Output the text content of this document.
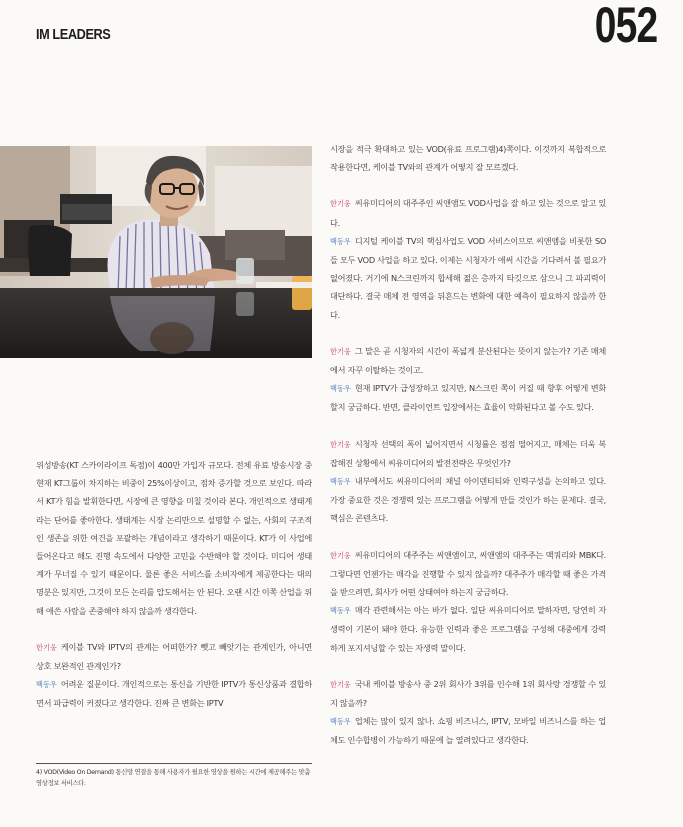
IM LEADERS	052

위성방송(KT 스카이라이프 독점)이 400만 가입자 규모다. 전체 유료 방송시장 중 현재 KT그룹이 차지하는 비중이 25%이상이고, 점차 증가할 것으로 보인다. 따라서 KT가 힘을 발휘한다면, 시장에 큰 영향을 미칠 것이라 본다. 개인적으로 생태계라는 단어를 좋아한다. 생태계는 시장 논리만으로 설명할 수 없는, 사회의 구조적인 생존을 위한 여건을 포괄하는 개념이라고 생각하기 때문이다. KT가 이 사업에 들어온다고 해도 진행 속도에서 다양한 고민을 수반해야 할 것이다. 미디어 생태계가 무너질 수 있기 때문이다. 물론 좋은 서비스를 소비자에게 제공한다는 대의명분은 있지만, 그것이 모든 논리를 압도해서는 안 된다. 오랜 시간 이쪽 산업을 위해 애쓴 사람을 존중해야 하지 않을까 생각한다.

한기웅 케이블 TV와 IPTV의 관계는 어떠한가? 뺏고 빼앗기는 관계인가, 아니면 상호 보완적인 관계인가?

백동우 어려운 질문이다. 개인적으로는 통신을 기반한 IPTV가 통신상품과 결합하면서 파급력이 커졌다고 생각한다. 진짜 큰 변화는 IPTV

시장을 적극 확대하고 있는 VOD(유료 프로그램)4)쪽이다. 이것까지 복합적으로 작용한다면, 케이블 TV와의 관계가 어떻지 잘 모르겠다.

한기웅 씨유미디어의 대주주인 씨앤앰도 VOD사업을 잘 하고 있는 것으로 알고 있다.

백동우 디지털 케이블 TV의 핵심사업도 VOD 서비스이므로 씨앤앰을 비롯한 SO들 모두 VOD 사업을 하고 있다. 이제는 시청자가 애써 시간을 기다려서 볼 필요가 없어졌다. 거기에 N스크린까지 합세해 젊은 층까지 타깃으로 삼으니 그 파괴력이 대단하다. 결국 매체 전 영역을 뒤흔드는 변화에 대한 예측이 필요하지 않을까 한다.

한기웅 그 말은 곧 시청자의 시간이 폭넓게 분산된다는 뜻이지 않는가? 기존 매체에서 자꾸 이탈하는 것이고.

백동우 현재 IPTV가 급성장하고 있지만, N스크린 쪽이 커질 때 향후 어떻게 변화할지 궁금하다. 반면, 클라이언트 입장에서는 효율이 악화된다고 볼 수도 있다.

한기웅 시청자 선택의 폭이 넓어지면서 시청률은 점점 떨어지고, 매체는 더욱 복잡해진 상황에서 씨유미디어의 발전전략은 무엇인가?

백동우 내부에서도 씨유미디어의 채널 아이덴티티와 인력구성을 논의하고 있다. 가장 중요한 것은 경쟁력 있는 프로그램을 어떻게 만들 것인가 하는 문제다. 결국, 핵심은 콘텐츠다.

한기웅 씨유미디어의 대주주는 씨앤앰이고, 씨앤앰의 대주주는 맥쿼리와 MBK다. 그렇다면 언젠가는 매각을 진행할 수 있지 않을까? 대주주가 매각할 때 좋은 가격을 받으려면, 회사가 어떤 상태여야 하는지 궁금하다.

백동우 매각 관련해서는 아는 바가 없다. 일단 씨유미디어로 말하자면, 당연히 자생력이 기본이 돼야 한다. 유능한 인력과 좋은 프로그램을 구성해 대중에게 강력하게 포지셔닝할 수 있는 자생력 말이다.

한기웅 국내 케이블 방송사 중 2위 회사가 3위를 인수해 1위 회사랑 경쟁할 수 있지 않을까?

백동우 업체는 많이 있지 않나. 쇼핑 비즈니스, IPTV, 모바일 비즈니스를 하는 업체도 인수합병이 가능하기 때문에 늘 열려있다고 생각한다.

4) VOD(Video On Demand) 통신망 연결을 통해 사용자가 필요한 영상을 원하는 시간에 제공해주는 맞춤영상정보 서비스다.
